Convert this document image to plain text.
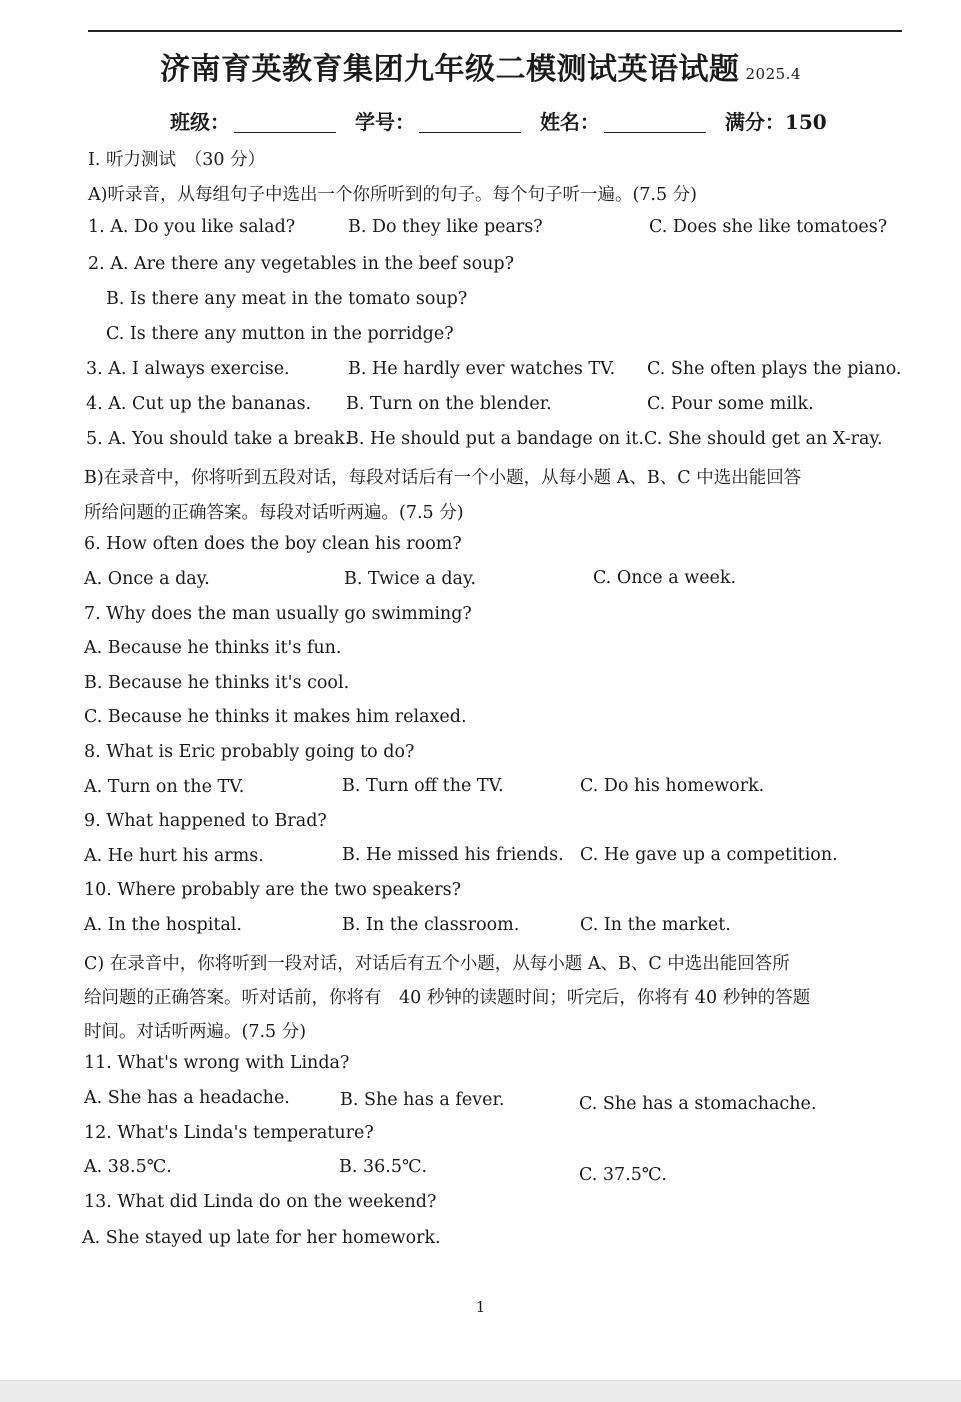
济南育英教育集团九年级二模测试英语试题 2025.4
班级：	学号：	姓名：	满分：150
I. 听力测试　（30 分）
A)听录音，从每组句子中选出一个你所听到的句子。每个句子听一遍。(7.5 分)
1. A. Do you like salad?	B. Do they like pears?	C. Does she like tomatoes?
2. A. Are there any vegetables in the beef soup?
B. Is there any meat in the tomato soup?
C. Is there any mutton in the porridge?
3. A. I always exercise.	B. He hardly ever watches TV. C. She often plays the piano.
4. A. Cut up the bananas. B. Turn on the blender.	C. Pour some milk.
5. A. You should take a break.
B. He should put a bandage on it. C. She should get an X-ray.
B)在录音中，你将听到五段对话，每段对话后有一个小题，从每小题 A、B、C 中选出能回答
所给问题的正确答案。每段对话听两遍。(7.5 分)
6. How often does the boy clean his room?
A. Once a day.	B. Twice a day.	C. Once a week.
7. Why does the man usually go swimming?
A. Because he thinks it's fun.
B. Because he thinks it's cool.
C. Because he thinks it makes him relaxed.
8. What is Eric probably going to do?
A. Turn on the TV.	B. Turn off the TV.	C. Do his homework.
9. What happened to Brad?
A. He hurt his arms.	B. He missed his friends. C. He gave up a competition.
10. Where probably are the two speakers?
A. In the hospital.	B. In the classroom.	C. In the market.
C) 在录音中，你将听到一段对话，对话后有五个小题，从每小题 A、B、C 中选出能回答所
给问题的正确答案。听对话前，你将有　40 秒钟的读题时间；听完后，你将有 40 秒钟的答题
时间。对话听两遍。(7.5 分)
11. What's wrong with Linda?
A. She has a headache.	B. She has a fever.	C. She has a stomachache.
12. What's Linda's temperature?
A. 38.5℃.	B. 36.5℃.	C. 37.5℃.
13. What did Linda do on the weekend?
A. She stayed up late for her homework.
1
